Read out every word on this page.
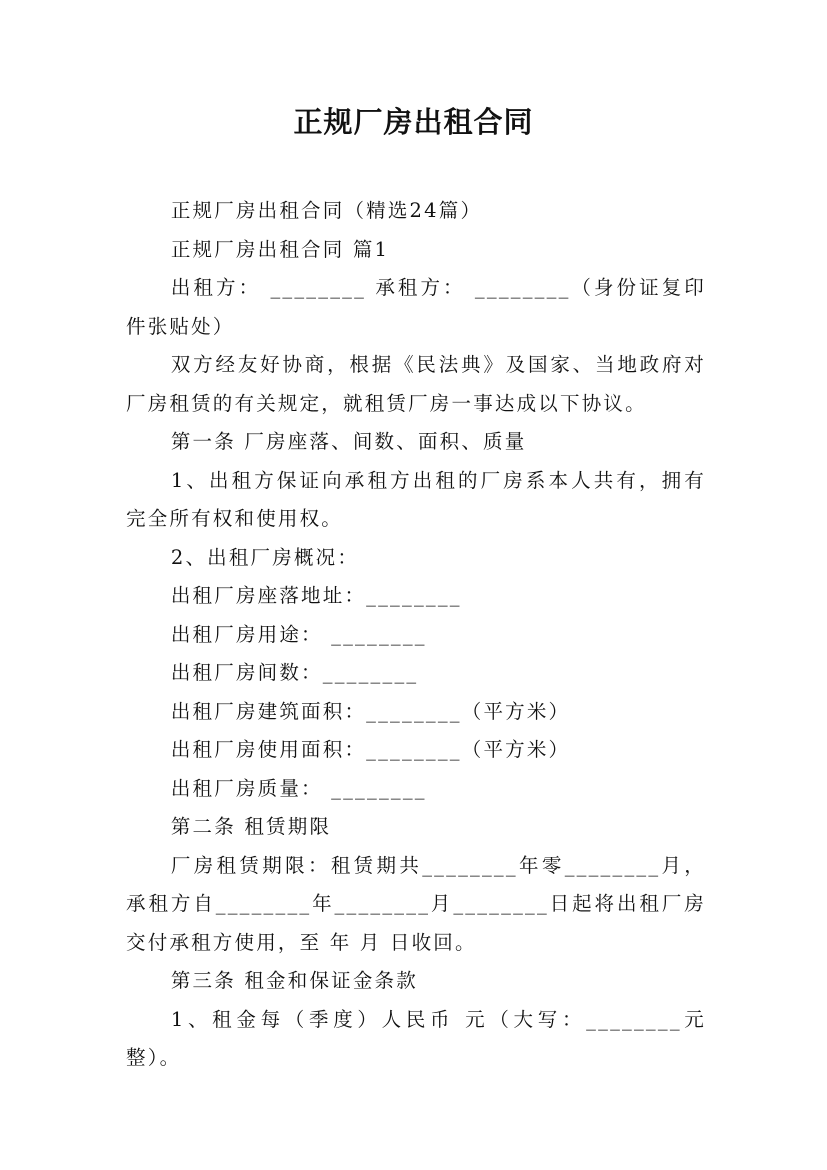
正规厂房出租合同

正规厂房出租合同（精选24篇）

正规厂房出租合同 篇1

出租方： ________ 承租方： ________（身份证复印件张贴处）

双方经友好协商，根据《民法典》及国家、当地政府对厂房租赁的有关规定，就租赁厂房一事达成以下协议。

第一条 厂房座落、间数、面积、质量

1、出租方保证向承租方出租的厂房系本人共有，拥有完全所有权和使用权。

2、出租厂房概况：

出租厂房座落地址：________

出租厂房用途： ________

出租厂房间数：________

出租厂房建筑面积：________（平方米）

出租厂房使用面积：________（平方米）

出租厂房质量： ________

第二条 租赁期限

厂房租赁期限：租赁期共________年零________月，承租方自________年________月________日起将出租厂房交付承租方使用，至 年 月 日收回。

第三条 租金和保证金条款

1、租金每（季度）人民币 元（大写：________元整）。
